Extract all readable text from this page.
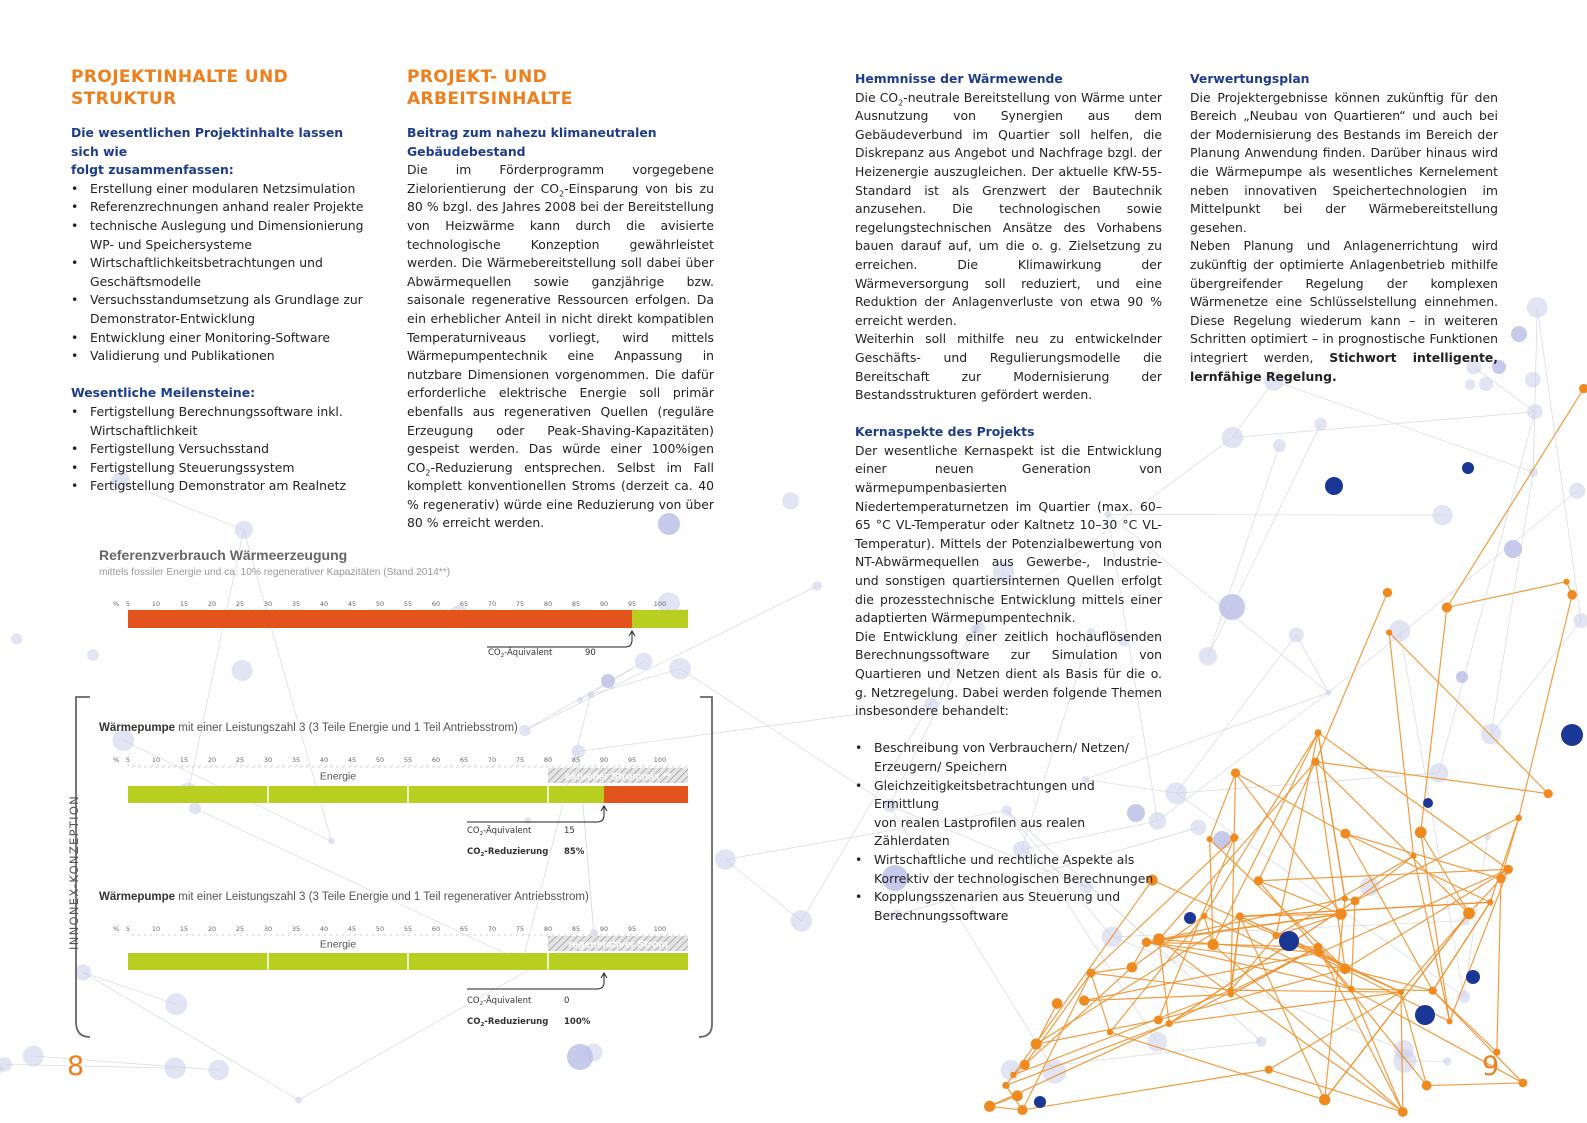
PROJEKTINHALTE UND
STRUKTUR
Die wesentlichen Projektinhalte lassen sich wie
folgt zusammenfassen:
• Erstellung einer modularen Netzsimulation
• Referenzrechnungen anhand realer Projekte
• technische Auslegung und Dimensionierung
WP- und Speichersysteme
• Wirtschaftlichkeitsbetrachtungen und
Geschäftsmodelle
• Versuchsstandumsetzung als Grundlage zur
Demonstrator-Entwicklung
• Entwicklung einer Monitoring-Software
• Validierung und Publikationen
Wesentliche Meilensteine:
• Fertigstellung Berechnungssoftware inkl.
Wirtschaftlichkeit
• Fertigstellung Versuchsstand
• Fertigstellung Steuerungssystem
• Fertigstellung Demonstrator am Realnetz
PROJEKT- UND
ARBEITSINHALTE
Beitrag zum nahezu klimaneutralen
Gebäudebestand

Die im Förderprogramm vorgegebene Zielorientierung der $CO_2$-Einsparung von bis zu 80 % bzgl. des Jahres 2008 bei der Bereitstellung von Heizwärme kann durch die avisierte technologische Konzeption gewährleistet werden. Die Wärmebereitstellung soll dabei über Abwärmequellen sowie ganzjährige bzw. saisonale regenerative Ressourcen erfolgen. Da ein erheblicher Anteil in nicht direkt kompatiblen Temperaturniveaus vorliegt, wird mittels Wärmepumpentechnik eine Anpassung in nutzbare Dimensionen vorgenommen. Die dafür erforderliche elektrische Energie soll primär ebenfalls aus regenerativen Quellen (reguläre Erzeugung oder Peak-Shaving-Kapazitäten) gespeist werden. Das würde einer 100%igen $CO_2$-Reduzierung entsprechen. Selbst im Fall komplett konventionellen Stroms (derzeit ca. 40 % regenerativ) würde eine Reduzierung von über 80 % erreicht werden.

Hemmnisse der Wärmewende

Die $CO_2$-neutrale Bereitstellung von Wärme unter Ausnutzung von Synergien aus dem Gebäudeverbund im Quartier soll helfen, die Diskrepanz aus Angebot und Nachfrage bzgl. der Heizenergie auszugleichen. Der aktuelle KfW-55-Standard ist als Grenzwert der Bautechnik anzusehen. Die technologischen sowie regelungstechnischen Ansätze des Vorhabens bauen darauf auf, um die o. g. Zielsetzung zu erreichen. Die Klimawirkung der Wärmeversorgung soll reduziert, und eine Reduktion der Anlagenverluste von etwa 90 % erreicht werden.

Weiterhin soll mithilfe neu zu entwickelnder Geschäfts- und Regulierungsmodelle die Bereitschaft zur Modernisierung der Bestandsstrukturen gefördert werden.

Kernaspekte des Projekts

Der wesentliche Kernaspekt ist die Entwicklung einer neuen Generation von wärmepumpenbasierten Niedertemperaturnetzen im Quartier (max. 60–65 °C VL-Temperatur oder Kaltnetz 10–30 °C VL-Temperatur). Mittels der Potenzialbewertung von NT-Abwärmequellen aus Gewerbe-, Industrie- und sonstigen quartiersinternen Quellen erfolgt die prozesstechnische Entwicklung mittels einer adaptierten Wärmepumpentechnik.

Die Entwicklung einer zeitlich hochauflösenden Berechnungssoftware zur Simulation von Quartieren und Netzen dient als Basis für die o. g. Netzregelung. Dabei werden folgende Themen insbesondere behandelt:

• Beschreibung von Verbrauchern/ Netzen/
Erzeugern/ Speichern
• Gleichzeitigkeitsbetrachtungen und Ermittlung
von realen Lastprofilen aus realen Zählerdaten
• Wirtschaftliche und rechtliche Aspekte als
Korrektiv der technologischen Berechnungen
• Kopplungsszenarien aus Steuerung und
Berechnungssoftware
Verwertungsplan

Die Projektergebnisse können zukünftig für den Bereich „Neubau von Quartieren“ und auch bei der Modernisierung des Bestands im Bereich der Planung Anwendung finden. Darüber hinaus wird die Wärmepumpe als wesentliches Kernelement neben innovativen Speichertechnologien im Mittelpunkt bei der Wärmebereitstellung gesehen.

Neben Planung und Anlagenerrichtung wird zukünftig der optimierte Anlagenbetrieb mithilfe übergreifender Regelung der komplexen Wärmenetze eine Schlüsselstellung einnehmen. Diese Regelung wiederum kann – in weiteren Schritten optimiert – in prognostische Funktionen integriert werden, Stichwort intelligente, lernfähige Regelung.

Referenzverbrauch Wärmeerzeugung
mittels fossiler Energie und ca. 10% regenerativer Kapazitäten (Stand 2014**)
% 5	10	15	20	25	30	35	40	45	50	55	60	65	70	75	80	85	90	95	100
$CO_2$-Äquivalent	90
Wärmepumpe mit einer Leistungszahl 3 (3 Teile Energie und 1 Teil Antriebsstrom)
% 5	10	15	20	25	30	35	40	45	50	55	60	65	70	75	80	85	90	95	100
Energie	aktueller Strommix **
$CO_2$-Äquivalent	15
$CO_2$-Reduzierung 85%
Wärmepumpe mit einer Leistungszahl 3 (3 Teile Energie und 1 Teil regenerativer Antriebsstrom)
% 5	10	15	20	25	30	35	40	45	50	55	60	65	70	75	80	85	90	95	100
Energie	regenerativer Strom
$CO_2$-Äquivalent	0
$CO_2$-Reduzierung 100%
INNONEX-KONZEPTION
8	9
